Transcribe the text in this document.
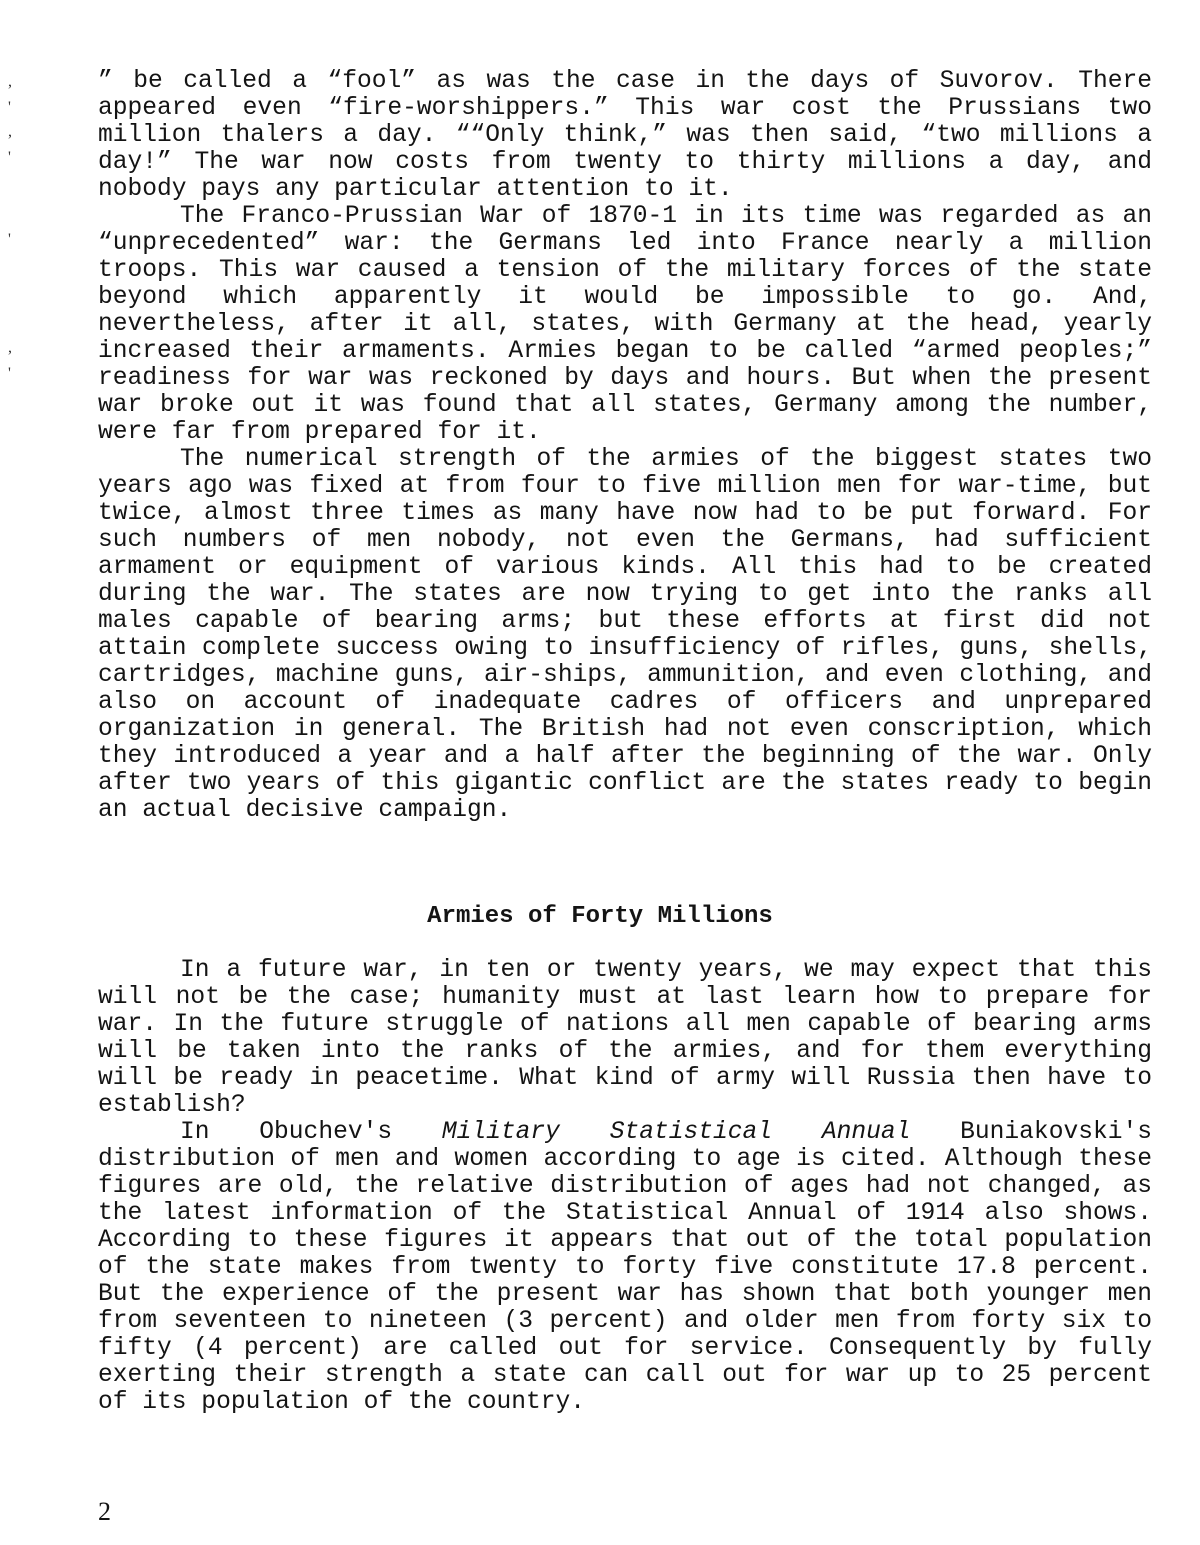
,
'
,
'
'
,
'
” be called a “fool” as was the case in the days of Suvorov. There appeared even “fire-worshippers.” This war cost the Prussians two million thalers a day. ““Only think,” was then said, “two millions a day!” The war now costs from twenty to thirty millions a day, and nobody pays any particular attention to it.
The Franco-Prussian War of 1870-1 in its time was regarded as an “unprecedented” war: the Germans led into France nearly a million troops. This war caused a tension of the military forces of the state beyond which apparently it would be impossible to go. And, nevertheless, after it all, states, with Germany at the head, yearly increased their armaments. Armies began to be called “armed peoples;” readiness for war was reckoned by days and hours. But when the present war broke out it was found that all states, Germany among the number, were far from prepared for it.
The numerical strength of the armies of the biggest states two years ago was fixed at from four to five million men for war-time, but twice, almost three times as many have now had to be put forward. For such numbers of men nobody, not even the Germans, had sufficient armament or equipment of various kinds. All this had to be created during the war. The states are now trying to get into the ranks all males capable of bearing arms; but these efforts at first did not attain complete success owing to insufficiency of rifles, guns, shells, cartridges, machine guns, air-ships, ammunition, and even clothing, and also on account of inadequate cadres of officers and unprepared organization in general. The British had not even conscription, which they introduced a year and a half after the beginning of the war. Only after two years of this gigantic conflict are the states ready to begin an actual decisive campaign.
Armies of Forty Millions
In a future war, in ten or twenty years, we may expect that this will not be the case; humanity must at last learn how to prepare for war. In the future struggle of nations all men capable of bearing arms will be taken into the ranks of the armies, and for them everything will be ready in peacetime. What kind of army will Russia then have to establish?
In Obuchev's Military Statistical Annual Buniakovski's distribution of men and women according to age is cited. Although these figures are old, the relative distribution of ages had not changed, as the latest information of the Statistical Annual of 1914 also shows. According to these figures it appears that out of the total population of the state makes from twenty to forty five constitute 17.8 percent. But the experience of the present war has shown that both younger men from seventeen to nineteen (3 percent) and older men from forty six to fifty (4 percent) are called out for service. Consequently by fully exerting their strength a state can call out for war up to 25 percent of its population of the country.
2
